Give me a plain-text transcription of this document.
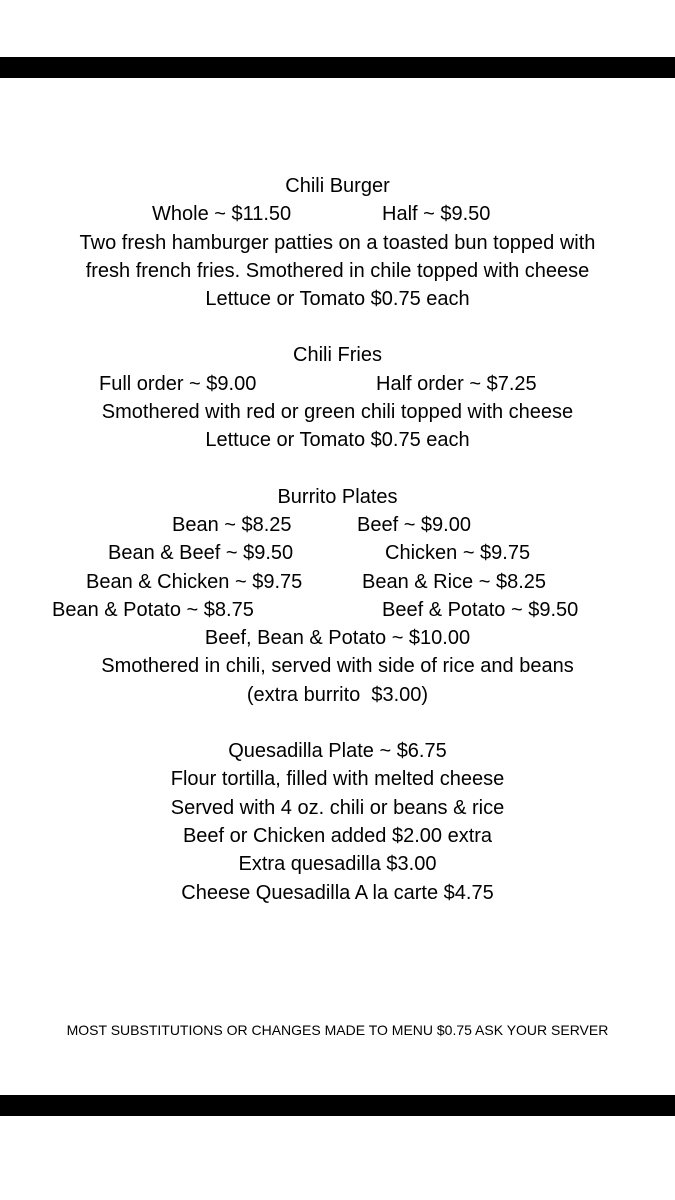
Chili Burger
Whole ~ $11.50	Half ~ $9.50
Two fresh hamburger patties on a toasted bun topped with
fresh french fries. Smothered in chile topped with cheese
Lettuce or Tomato $0.75 each
Chili Fries
Full order ~ $9.00	Half order ~ $7.25
Smothered with red or green chili topped with cheese
Lettuce or Tomato $0.75 each
Burrito Plates
Bean ~ $8.25	Beef ~ $9.00
Bean & Beef ~ $9.50	Chicken ~ $9.75
Bean & Chicken ~ $9.75	Bean & Rice ~ $8.25
Bean & Potato ~ $8.75	Beef & Potato ~ $9.50
Beef, Bean & Potato ~ $10.00
Smothered in chili, served with side of rice and beans
(extra burrito  $3.00)
Quesadilla Plate ~ $6.75
Flour tortilla, filled with melted cheese
Served with 4 oz. chili or beans & rice
Beef or Chicken added $2.00 extra
Extra quesadilla $3.00
Cheese Quesadilla A la carte $4.75
MOST SUBSTITUTIONS OR CHANGES MADE TO MENU $0.75 ASK YOUR SERVER
